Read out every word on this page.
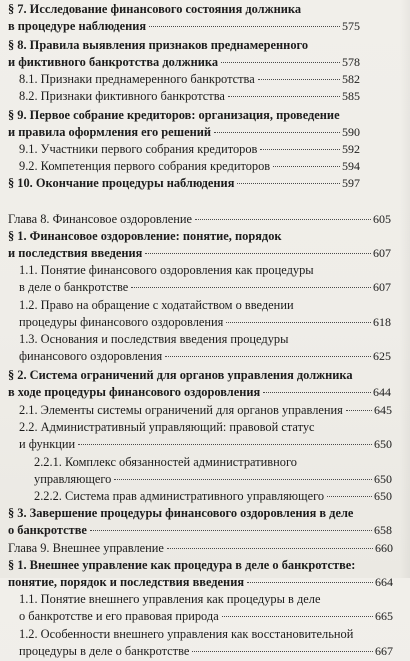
§ 7. Исследование финансового состояния должника
в процедуре наблюдения	575
§ 8. Правила выявления признаков преднамеренного
и фиктивного банкротства должника	578
8.1. Признаки преднамеренного банкротства	582
8.2. Признаки фиктивного банкротства	585
§ 9. Первое собрание кредиторов: организация, проведение
и правила оформления его решений	590
9.1. Участники первого собрания кредиторов	592
9.2. Компетенция первого собрания кредиторов	594
§ 10. Окончание процедуры наблюдения	597
Глава 8. Финансовое оздоровление	605
§ 1. Финансовое оздоровление: понятие, порядок
и последствия введения	607
1.1. Понятие финансового оздоровления как процедуры
в деле о банкротстве	607
1.2. Право на обращение с ходатайством о введении
процедуры финансового оздоровления	618
1.3. Основания и последствия введения процедуры
финансового оздоровления	625
§ 2. Система ограничений для органов управления должника
в ходе процедуры финансового оздоровления	644
2.1. Элементы системы ограничений для органов управления	645
2.2. Административный управляющий: правовой статус
и функции	650
2.2.1. Комплекс обязанностей административного
управляющего	650
2.2.2. Система прав административного управляющего	650
§ 3. Завершение процедуры финансового оздоровления в деле
о банкротстве	658
Глава 9. Внешнее управление	660
§ 1. Внешнее управление как процедура в деле о банкротстве:
понятие, порядок и последствия введения	664
1.1. Понятие внешнего управления как процедуры в деле
о банкротстве и его правовая природа	665
1.2. Особенности внешнего управления как восстановительной
процедуры в деле о банкротстве	667
